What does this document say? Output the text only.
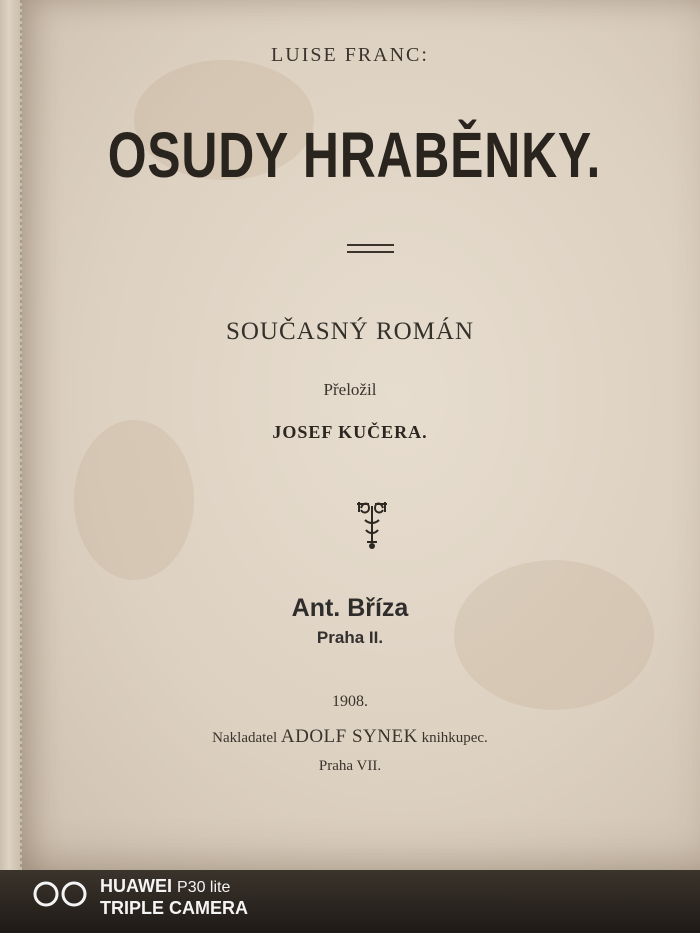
LUISE FRANC:
OSUDY HRABĚNKY.
SOUČASNÝ ROMÁN
Přeložil
JOSEF KUČERA.
Ant. Bříza
Praha II.
1908.
Nakladatel ADOLF SYNEK knihkupec.
Praha VII.
HUAWEI P30 lite
TRIPLE CAMERA
